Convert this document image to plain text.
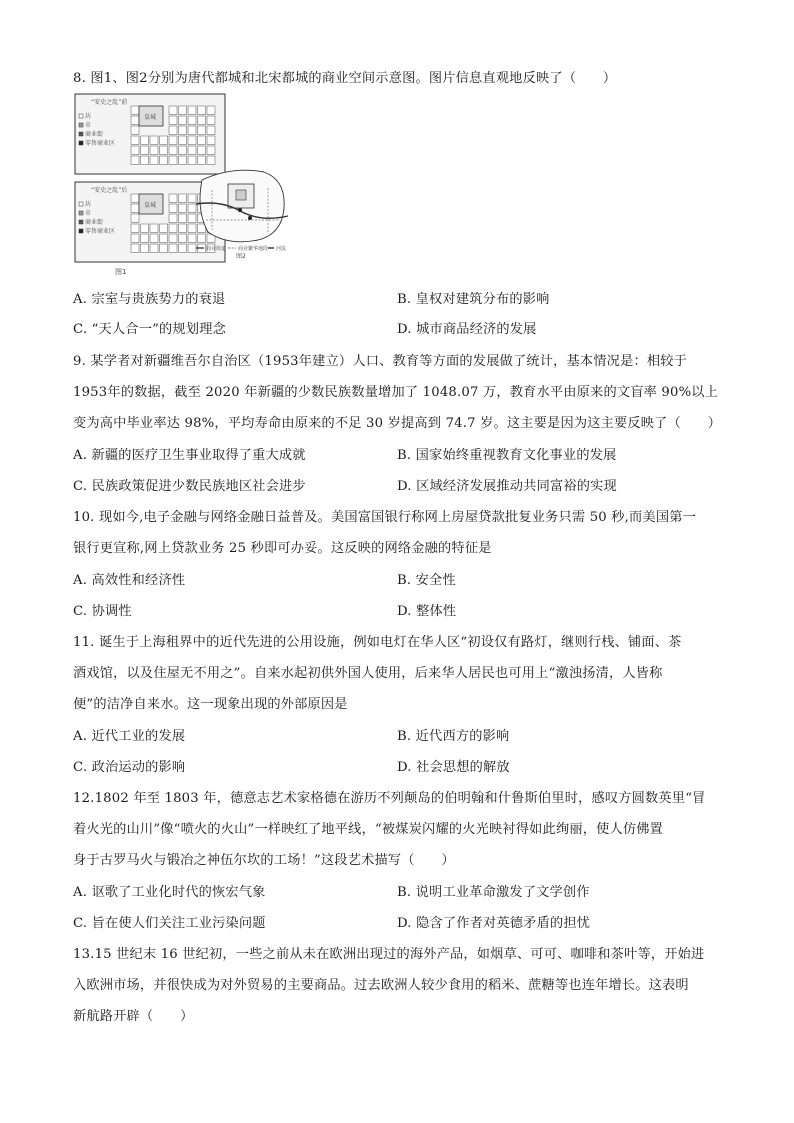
8. 图1、图2分别为唐代都城和北宋都城的商业空间示意图。图片信息直观地反映了（　　）
“安史之乱”前
皇城
坊
市
商业街
零售商业区
“安史之乱”后
皇城
坊
市
商业街
零售商业区
图1
商业街道 商业繁华地段 河流
图2
A. 宗室与贵族势力的衰退	B. 皇权对建筑分布的影响
C. “天人合一”的规划理念	D. 城市商品经济的发展
9. 某学者对新疆维吾尔自治区（1953年建立）人口、教育等方面的发展做了统计，基本情况是：相较于
1953年的数据，截至 2020 年新疆的少数民族数量增加了 1048.07 万，教育水平由原来的文盲率 90%以上
变为高中毕业率达 98%，平均寿命由原来的不足 30 岁提高到 74.7 岁。这主要是因为这主要反映了（　　）
A. 新疆的医疗卫生事业取得了重大成就	B. 国家始终重视教育文化事业的发展
C. 民族政策促进少数民族地区社会进步	D. 区域经济发展推动共同富裕的实现
10. 现如今,电子金融与网络金融日益普及。美国富国银行称网上房屋贷款批复业务只需 50 秒,而美国第一
银行更宣称,网上贷款业务 25 秒即可办妥。这反映的网络金融的特征是
A. 高效性和经济性	B. 安全性
C. 协调性	D. 整体性
11. 诞生于上海租界中的近代先进的公用设施，例如电灯在华人区“初设仅有路灯，继则行栈、铺面、茶
酒戏馆，以及住屋无不用之”。自来水起初供外国人使用，后来华人居民也可用上“激浊扬清，人皆称
便”的洁净自来水。这一现象出现的外部原因是
A. 近代工业的发展	B. 近代西方的影响
C. 政治运动的影响	D. 社会思想的解放
12.1802 年至 1803 年，德意志艺术家格德在游历不列颠岛的伯明翰和什鲁斯伯里时，感叹方圆数英里“冒
着火光的山川”像“喷火的火山”一样映红了地平线，“被煤炭闪耀的火光映衬得如此绚丽，使人仿佛置
身于古罗马火与锻冶之神伍尔坎的工场！”这段艺术描写（　　）
A. 讴歌了工业化时代的恢宏气象	B. 说明工业革命激发了文学创作
C. 旨在使人们关注工业污染问题	D. 隐含了作者对英德矛盾的担忧
13.15 世纪末 16 世纪初，一些之前从未在欧洲出现过的海外产品，如烟草、可可、咖啡和茶叶等，开始进
入欧洲市场，并很快成为对外贸易的主要商品。过去欧洲人较少食用的稻米、蔗糖等也连年增长。这表明
新航路开辟（　　）
